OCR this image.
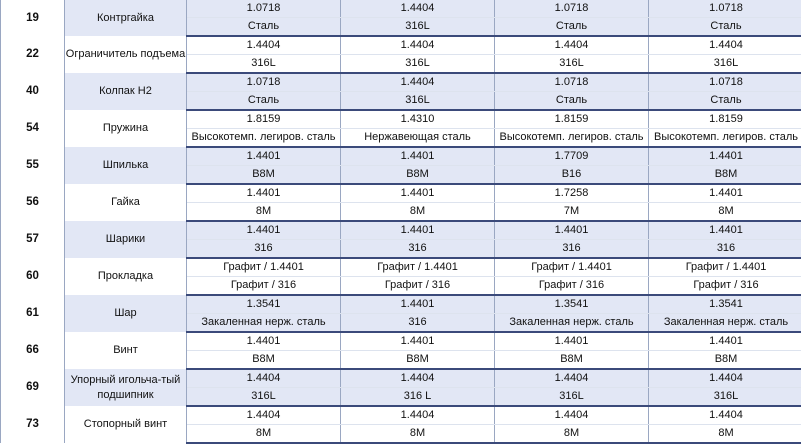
19	Контргайка	1.0718	1.4404	1.0718	1.0718
		Сталь	316L	Сталь	Сталь
22	Ограничитель подъема	1.4404	1.4404	1.4404	1.4404
		316L	316L	316L	316L
40	Колпак Н2	1.0718	1.4404	1.0718	1.0718
		Сталь	316L	Сталь	Сталь
54	Пружина	1.8159	1.4310	1.8159	1.8159
		Высокотемп. легиров. сталь	Нержавеющая сталь	Высокотемп. легиров. сталь	Высокотемп. легиров. сталь
55	Шпилька	1.4401	1.4401	1.7709	1.4401
		B8M	B8M	B16	B8M
56	Гайка	1.4401	1.4401	1.7258	1.4401
		8M	8M	7M	8M
57	Шарики	1.4401	1.4401	1.4401	1.4401
		316	316	316	316
60	Прокладка	Графит / 1.4401	Графит / 1.4401	Графит / 1.4401	Графит / 1.4401
		Графит / 316	Графит / 316	Графит / 316	Графит / 316
61	Шар	1.3541	1.4401	1.3541	1.3541
		Закаленная нерж. сталь	316	Закаленная нерж. сталь	Закаленная нерж. сталь
66	Винт	1.4401	1.4401	1.4401	1.4401
		B8M	B8M	B8M	B8M
69	Упорный игольча-тый подшипник	1.4404	1.4404	1.4404	1.4404
		316L	316 L	316L	316L
73	Стопорный винт	1.4404	1.4404	1.4404	1.4404
		8M	8M	8M	8M
